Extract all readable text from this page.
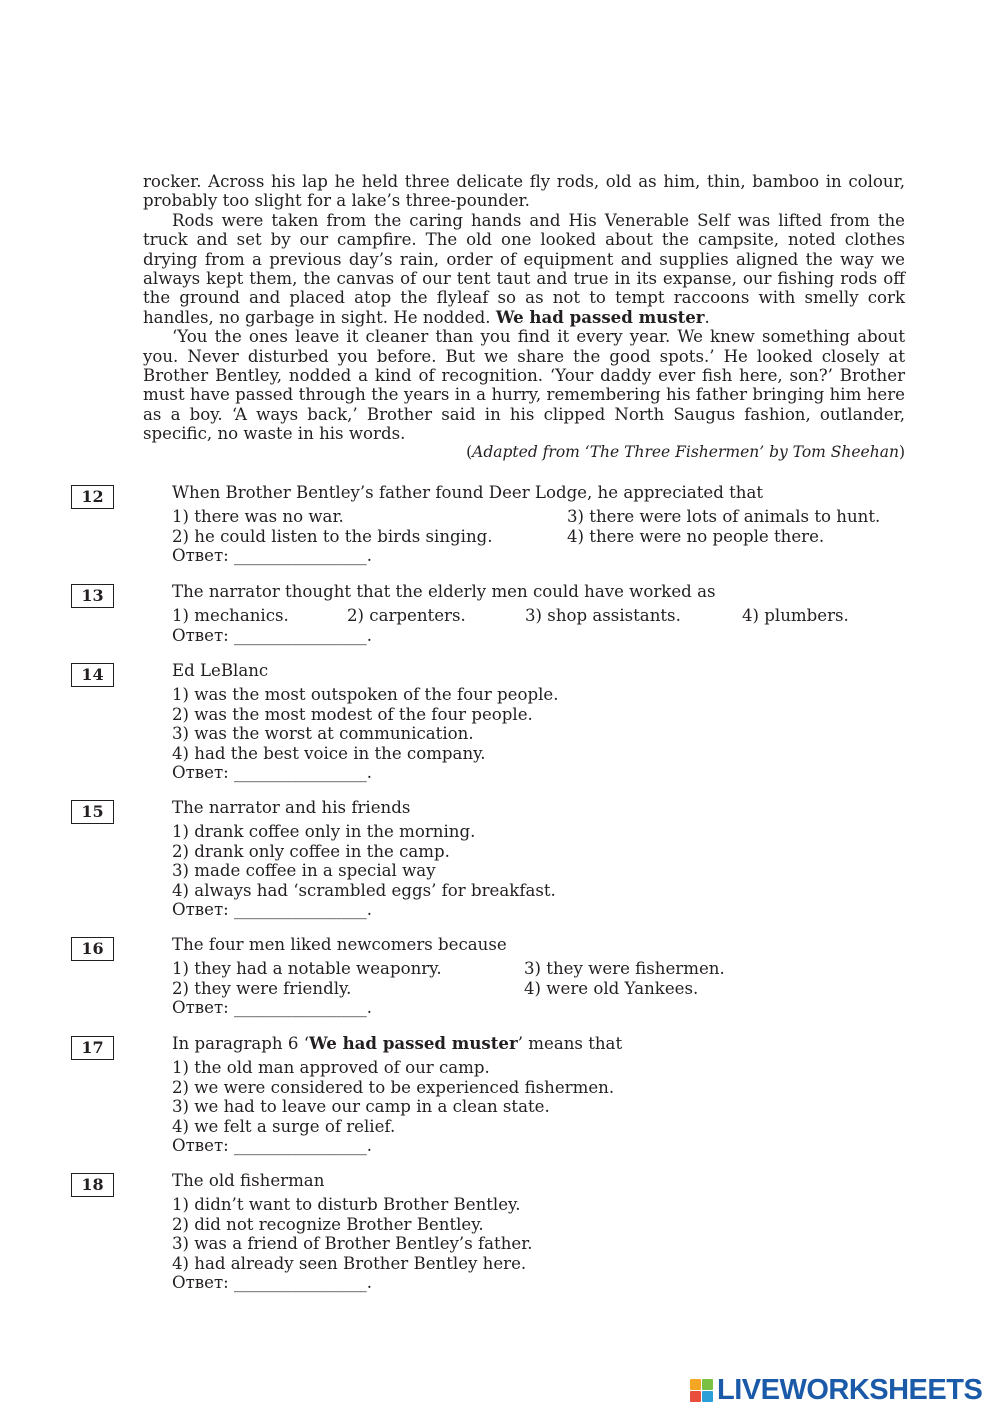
rocker. Across his lap he held three delicate fly rods, old as him, thin, bamboo in colour, probably too slight for a lake’s three-pounder.

Rods were taken from the caring hands and His Venerable Self was lifted from the truck and set by our campfire. The old one looked about the campsite, noted clothes drying from a previous day’s rain, order of equipment and supplies aligned the way we always kept them, the canvas of our tent taut and true in its expanse, our fishing rods off the ground and placed atop the flyleaf so as not to tempt raccoons with smelly cork handles, no garbage in sight. He nodded. We had passed muster.

‘You the ones leave it cleaner than you find it every year. We knew something about you. Never disturbed you before. But we share the good spots.’ He looked closely at Brother Bentley, nodded a kind of recognition. ‘Your daddy ever fish here, son?’ Brother must have passed through the years in a hurry, remembering his father bringing him here as a boy. ‘A ways back,’ Brother said in his clipped North Saugus fashion, outlander, specific, no waste in his words.

(Adapted from ‘The Three Fishermen’ by Tom Sheehan)
12	When Brother Bentley’s father found Deer Lodge, he appreciated that
1) there was no war.	3) there were lots of animals to hunt.
2) he could listen to the birds singing.	4) there were no people there.
Ответ: ________________.
13	The narrator thought that the elderly men could have worked as
1) mechanics.	2) carpenters.	3) shop assistants.	4) plumbers.
Ответ: ________________.
14	Ed LeBlanc
1) was the most outspoken of the four people.
2) was the most modest of the four people.
3) was the worst at communication.
4) had the best voice in the company.
Ответ: ________________.
15	The narrator and his friends
1) drank coffee only in the morning.
2) drank only coffee in the camp.
3) made coffee in a special way
4) always had ‘scrambled eggs’ for breakfast.
Ответ: ________________.
16	The four men liked newcomers because
1) they had a notable weaponry.	3) they were fishermen.
2) they were friendly.	4) were old Yankees.
Ответ: ________________.
17	In paragraph 6 ‘We had passed muster’ means that
1) the old man approved of our camp.
2) we were considered to be experienced fishermen.
3) we had to leave our camp in a clean state.
4) we felt a surge of relief.
Ответ: ________________.
18	The old fisherman
1) didn’t want to disturb Brother Bentley.
2) did not recognize Brother Bentley.
3) was a friend of Brother Bentley’s father.
4) had already seen Brother Bentley here.
Ответ: ________________.
LIVEWORKSHEETS
